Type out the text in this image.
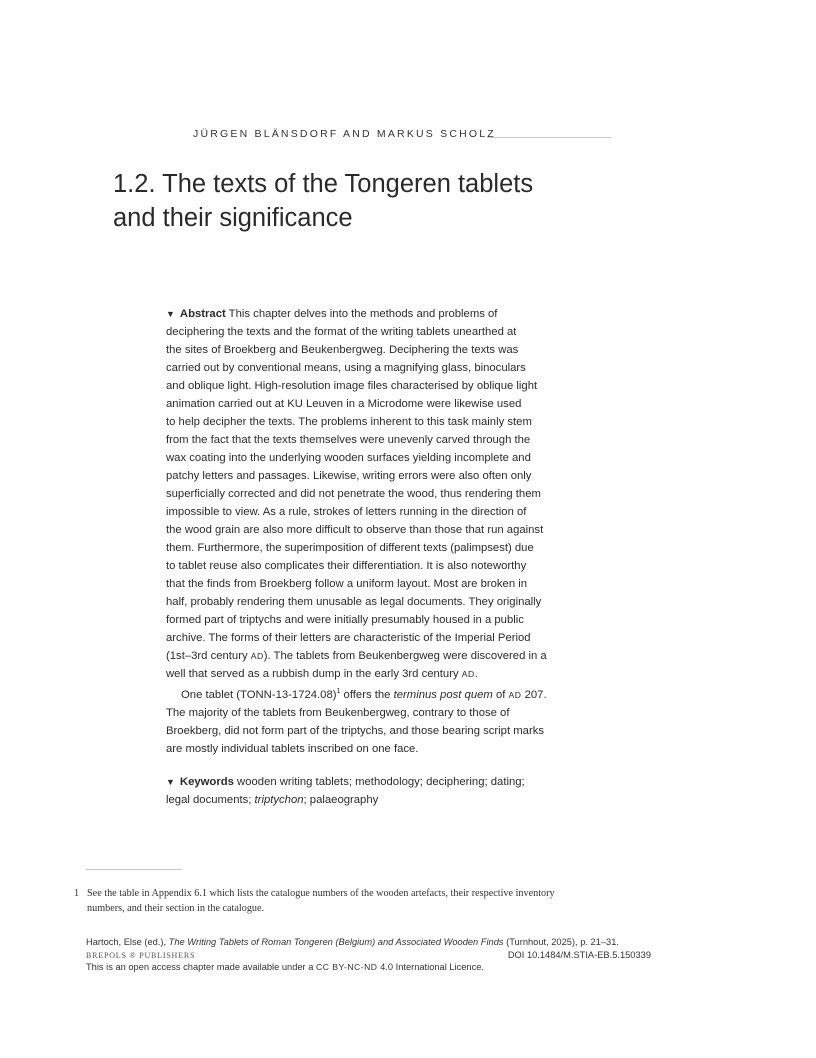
JÜRGEN BLÄNSDORF AND MARKUS SCHOLZ
1.2. The texts of the Tongeren tablets
and their significance

▼ Abstract This chapter delves into the methods and problems of
deciphering the texts and the format of the writing tablets unearthed at
the sites of Broekberg and Beukenbergweg. Deciphering the texts was
carried out by conventional means, using a magnifying glass, binoculars
and oblique light. High-resolution image files characterised by oblique light
animation carried out at KU Leuven in a Microdome were likewise used
to help decipher the texts. The problems inherent to this task mainly stem
from the fact that the texts themselves were unevenly carved through the
wax coating into the underlying wooden surfaces yielding incomplete and
patchy letters and passages. Likewise, writing errors were also often only
superficially corrected and did not penetrate the wood, thus rendering them
impossible to view. As a rule, strokes of letters running in the direction of
the wood grain are also more difficult to observe than those that run against
them. Furthermore, the superimposition of different texts (palimpsest) due
to tablet reuse also complicates their differentiation. It is also noteworthy
that the finds from Broekberg follow a uniform layout. Most are broken in
half, probably rendering them unusable as legal documents. They originally
formed part of triptychs and were initially presumably housed in a public
archive. The forms of their letters are characteristic of the Imperial Period
(1st–3rd century AD). The tablets from Beukenbergweg were discovered in a
well that served as a rubbish dump in the early 3rd century AD.

One tablet (TONN-13-1724.08)$^1$ offers the terminus post quem of AD 207.
The majority of the tablets from Beukenbergweg, contrary to those of
Broekberg, did not form part of the triptychs, and those bearing script marks
are mostly individual tablets inscribed on one face.

▼ Keywords wooden writing tablets; methodology; deciphering; dating;
legal documents; triptychon; palaeography
1 See the table in Appendix 6.1 which lists the catalogue numbers of the wooden artefacts, their respective inventory
numbers, and their section in the catalogue.
Hartoch, Else (ed.), The Writing Tablets of Roman Tongeren (Belgium) and Associated Wooden Finds (Turnhout, 2025), p. 21–31.
BREPOLS ® PUBLISHERS	DOI 10.1484/M.STIA-EB.5.150339
This is an open access chapter made available under a CC BY-NC-ND 4.0 International Licence.
